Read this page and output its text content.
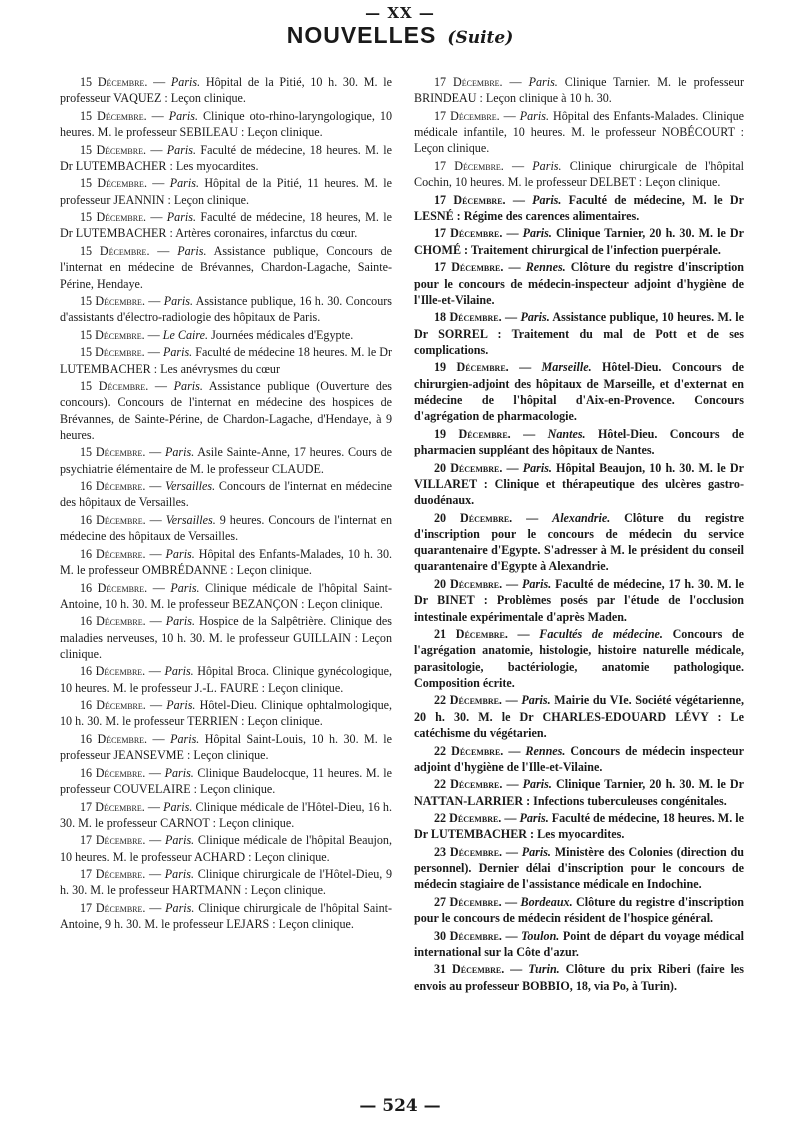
— XX —
NOUVELLES (Suite)

15 Décembre. — Paris. Hôpital de la Pitié, 10 h. 30. M. le professeur VAQUEZ : Leçon clinique.

15 Décembre. — Paris. Clinique oto-rhino-laryngologique, 10 heures. M. le professeur SEBILEAU : Leçon clinique.

15 Décembre. — Paris. Faculté de médecine, 18 heures. M. le Dr LUTEMBACHER : Les myocardites.

15 Décembre. — Paris. Hôpital de la Pitié, 11 heures. M. le professeur JEANNIN : Leçon clinique.

15 Décembre. — Paris. Faculté de médecine, 18 heures, M. le Dr LUTEMBACHER : Artères coronaires, infarctus du cœur.

15 Décembre. — Paris. Assistance publique, Concours de l'internat en médecine de Brévannes, Chardon-Lagache, Sainte-Périne, Hendaye.

15 Décembre. — Paris. Assistance publique, 16 h. 30. Concours d'assistants d'électro-radiologie des hôpitaux de Paris.

15 Décembre. — Le Caire. Journées médicales d'Egypte.

15 Décembre. — Paris. Faculté de médecine 18 heures. M. le Dr LUTEMBACHER : Les anévrysmes du cœur

15 Décembre. — Paris. Assistance publique (Ouverture des concours). Concours de l'internat en médecine des hospices de Brévannes, de Sainte-Périne, de Chardon-Lagache, d'Hendaye, à 9 heures.

15 Décembre. — Paris. Asile Sainte-Anne, 17 heures. Cours de psychiatrie élémentaire de M. le professeur CLAUDE.

16 Décembre. — Versailles. Concours de l'internat en médecine des hôpitaux de Versailles.

16 Décembre. — Versailles. 9 heures. Concours de l'internat en médecine des hôpitaux de Versailles.

16 Décembre. — Paris. Hôpital des Enfants-Malades, 10 h. 30. M. le professeur OMBRÉDANNE : Leçon clinique.

16 Décembre. — Paris. Clinique médicale de l'hôpital Saint-Antoine, 10 h. 30. M. le professeur BEZANÇON : Leçon clinique.

16 Décembre. — Paris. Hospice de la Salpêtrière. Clinique des maladies nerveuses, 10 h. 30. M. le professeur GUILLAIN : Leçon clinique.

16 Décembre. — Paris. Hôpital Broca. Clinique gynécologique, 10 heures. M. le professeur J.-L. FAURE : Leçon clinique.

16 Décembre. — Paris. Hôtel-Dieu. Clinique ophtalmologique, 10 h. 30. M. le professeur TERRIEN : Leçon clinique.

16 Décembre. — Paris. Hôpital Saint-Louis, 10 h. 30. M. le professeur JEANSEVME : Leçon clinique.

16 Décembre. — Paris. Clinique Baudelocque, 11 heures. M. le professeur COUVELAIRE : Leçon clinique.

17 Décembre. — Paris. Clinique médicale de l'Hôtel-Dieu, 16 h. 30. M. le professeur CARNOT : Leçon clinique.

17 Décembre. — Paris. Clinique médicale de l'hôpital Beaujon, 10 heures. M. le professeur ACHARD : Leçon clinique.

17 Décembre. — Paris. Clinique chirurgicale de l'Hôtel-Dieu, 9 h. 30. M. le professeur HARTMANN : Leçon clinique.

17 Décembre. — Paris. Clinique chirurgicale de l'hôpital Saint-Antoine, 9 h. 30. M. le professeur LEJARS : Leçon clinique.

17 Décembre. — Paris. Clinique Tarnier. M. le professeur BRINDEAU : Leçon clinique à 10 h. 30.

17 Décembre. — Paris. Hôpital des Enfants-Malades. Clinique médicale infantile, 10 heures. M. le professeur NOBÉCOURT : Leçon clinique.

17 Décembre. — Paris. Clinique chirurgicale de l'hôpital Cochin, 10 heures. M. le professeur DELBET : Leçon clinique.

17 Décembre. — Paris. Faculté de médecine, M. le Dr LESNÉ : Régime des carences alimentaires.

17 Décembre. — Paris. Clinique Tarnier, 20 h. 30. M. le Dr CHOMÉ : Traitement chirurgical de l'infection puerpérale.

17 Décembre. — Rennes. Clôture du registre d'inscription pour le concours de médecin-inspecteur adjoint d'hygiène de l'Ille-et-Vilaine.

18 Décembre. — Paris. Assistance publique, 10 heures. M. le Dr SORREL : Traitement du mal de Pott et de ses complications.

19 Décembre. — Marseille. Hôtel-Dieu. Concours de chirurgien-adjoint des hôpitaux de Marseille, et d'externat en médecine de l'hôpital d'Aix-en-Provence. Concours d'agrégation de pharmacologie.

19 Décembre. — Nantes. Hôtel-Dieu. Concours de pharmacien suppléant des hôpitaux de Nantes.

20 Décembre. — Paris. Hôpital Beaujon, 10 h. 30. M. le Dr VILLARET : Clinique et thérapeutique des ulcères gastro-duodénaux.

20 Décembre. — Alexandrie. Clôture du registre d'inscription pour le concours de médecin du service quarantenaire d'Egypte. S'adresser à M. le président du conseil quarantenaire d'Egypte à Alexandrie.

20 Décembre. — Paris. Faculté de médecine, 17 h. 30. M. le Dr BINET : Problèmes posés par l'étude de l'occlusion intestinale expérimentale d'après Maden.

21 Décembre. — Facultés de médecine. Concours de l'agrégation anatomie, histologie, histoire naturelle médicale, parasitologie, bactériologie, anatomie pathologique. Composition écrite.

22 Décembre. — Paris. Mairie du VIe. Société végétarienne, 20 h. 30. M. le Dr CHARLES-EDOUARD LÉVY : Le catéchisme du végétarien.

22 Décembre. — Rennes. Concours de médecin inspecteur adjoint d'hygiène de l'Ille-et-Vilaine.

22 Décembre. — Paris. Clinique Tarnier, 20 h. 30. M. le Dr NATTAN-LARRIER : Infections tuberculeuses congénitales.

22 Décembre. — Paris. Faculté de médecine, 18 heures. M. le Dr LUTEMBACHER : Les myocardites.

23 Décembre. — Paris. Ministère des Colonies (direction du personnel). Dernier délai d'inscription pour le concours de médecin stagiaire de l'assistance médicale en Indochine.

27 Décembre. — Bordeaux. Clôture du registre d'inscription pour le concours de médecin résident de l'hospice général.

30 Décembre. — Toulon. Point de départ du voyage médical international sur la Côte d'azur.

31 Décembre. — Turin. Clôture du prix Riberi (faire les envois au professeur BOBBIO, 18, via Po, à Turin).

— 524 —
